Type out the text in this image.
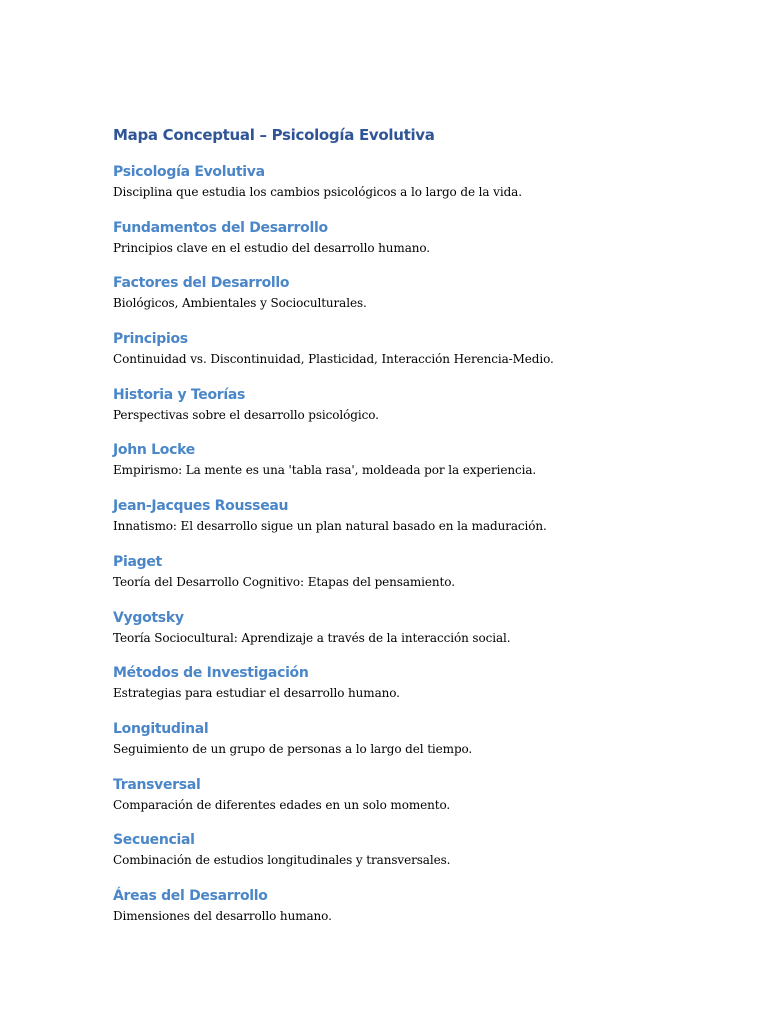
Mapa Conceptual – Psicología Evolutiva
Psicología Evolutiva

Disciplina que estudia los cambios psicológicos a lo largo de la vida.

Fundamentos del Desarrollo

Principios clave en el estudio del desarrollo humano.

Factores del Desarrollo

Biológicos, Ambientales y Socioculturales.

Principios

Continuidad vs. Discontinuidad, Plasticidad, Interacción Herencia-Medio.

Historia y Teorías

Perspectivas sobre el desarrollo psicológico.

John Locke

Empirismo: La mente es una 'tabla rasa', moldeada por la experiencia.

Jean-Jacques Rousseau

Innatismo: El desarrollo sigue un plan natural basado en la maduración.

Piaget

Teoría del Desarrollo Cognitivo: Etapas del pensamiento.

Vygotsky

Teoría Sociocultural: Aprendizaje a través de la interacción social.

Métodos de Investigación

Estrategias para estudiar el desarrollo humano.

Longitudinal

Seguimiento de un grupo de personas a lo largo del tiempo.

Transversal

Comparación de diferentes edades en un solo momento.

Secuencial

Combinación de estudios longitudinales y transversales.

Áreas del Desarrollo

Dimensiones del desarrollo humano.
